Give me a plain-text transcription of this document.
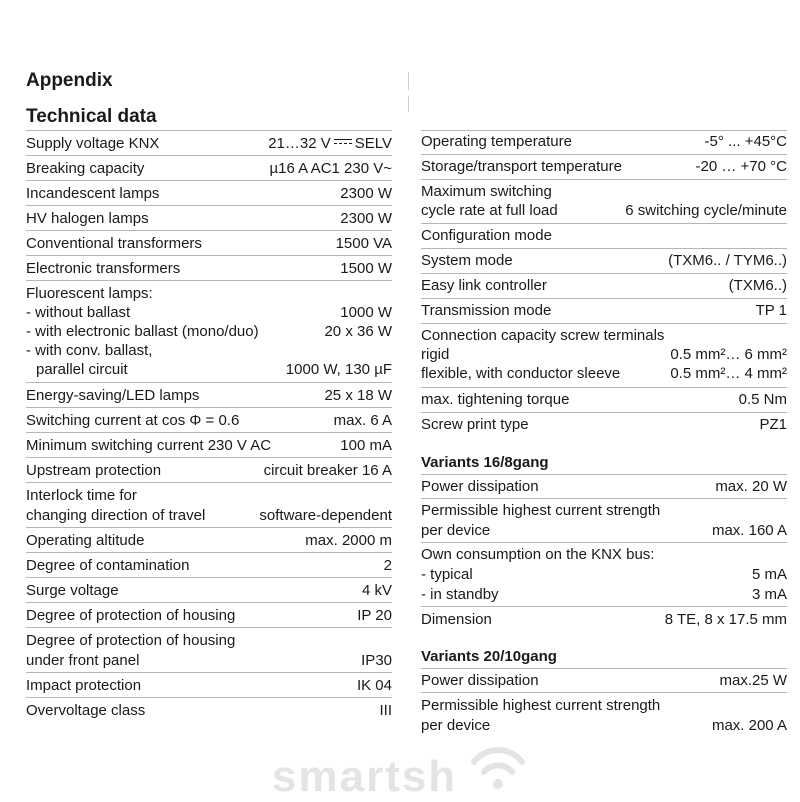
Appendix
Technical data
Supply voltage KNX	21…32 V SELV
Breaking capacity	µ16 A AC1 230 V~
Incandescent lamps	2300 W
HV halogen lamps	2300 W
Conventional transformers	1500 VA
Electronic transformers	1500 W
Fluorescent lamps:
- without ballast	1000 W
- with electronic ballast (mono/duo)	20 x 36 W
- with conv. ballast,
parallel circuit	1000 W, 130 µF
Energy-saving/LED lamps	25 x 18 W
Switching current at cos Φ = 0.6	max. 6 A
Minimum switching current 230 V AC	100 mA
Upstream protection	circuit breaker 16 A
Interlock time for
changing direction of travel	software-dependent
Operating altitude	max. 2000 m
Degree of contamination	2
Surge voltage	4 kV
Degree of protection of housing	IP 20
Degree of protection of housing
under front panel	IP30
Impact protection	IK 04
Overvoltage class	III
Operating temperature	-5° ... +45°C
Storage/transport temperature	-20 … +70 °C
Maximum switching
cycle rate at full load	6 switching cycle/minute
Configuration mode
System mode	(TXM6.. / TYM6..)
Easy link controller	(TXM6..)
Transmission mode	TP 1
Connection capacity screw terminals
rigid	0.5 mm²… 6 mm²
flexible, with conductor sleeve	0.5 mm²… 4 mm²
max. tightening torque	0.5 Nm
Screw print type	PZ1
Variants 16/8gang
Power dissipation	max. 20 W
Permissible highest current strength
per device	max. 160 A
Own consumption on the KNX bus:
- typical	5 mA
- in standby	3 mA
Dimension	8 TE, 8 x 17.5 mm
Variants 20/10gang
Power dissipation	max.25 W
Permissible highest current strength
per device	max. 200 A
smartsh
